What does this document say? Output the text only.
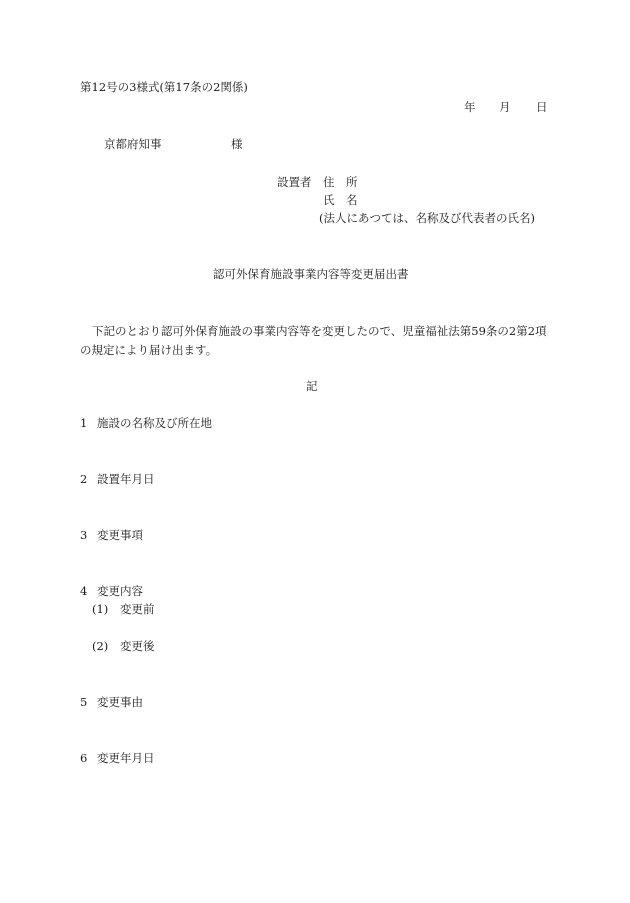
第12号の3様式(第17条の2関係)
年 月 日
京都府知事	様
設置者 住　所
氏　名
(法人にあつては、名称及び代表者の氏名)
認可外保育施設事業内容等変更届出書
下記のとおり認可外保育施設の事業内容等を変更したので、児童福祉法第59条の2第2項
の規定により届け出ます。
記
1 施設の名称及び所在地
2 設置年月日
3 変更事項
4 変更内容
(1) 変更前
(2) 変更後
5 変更事由
6 変更年月日
